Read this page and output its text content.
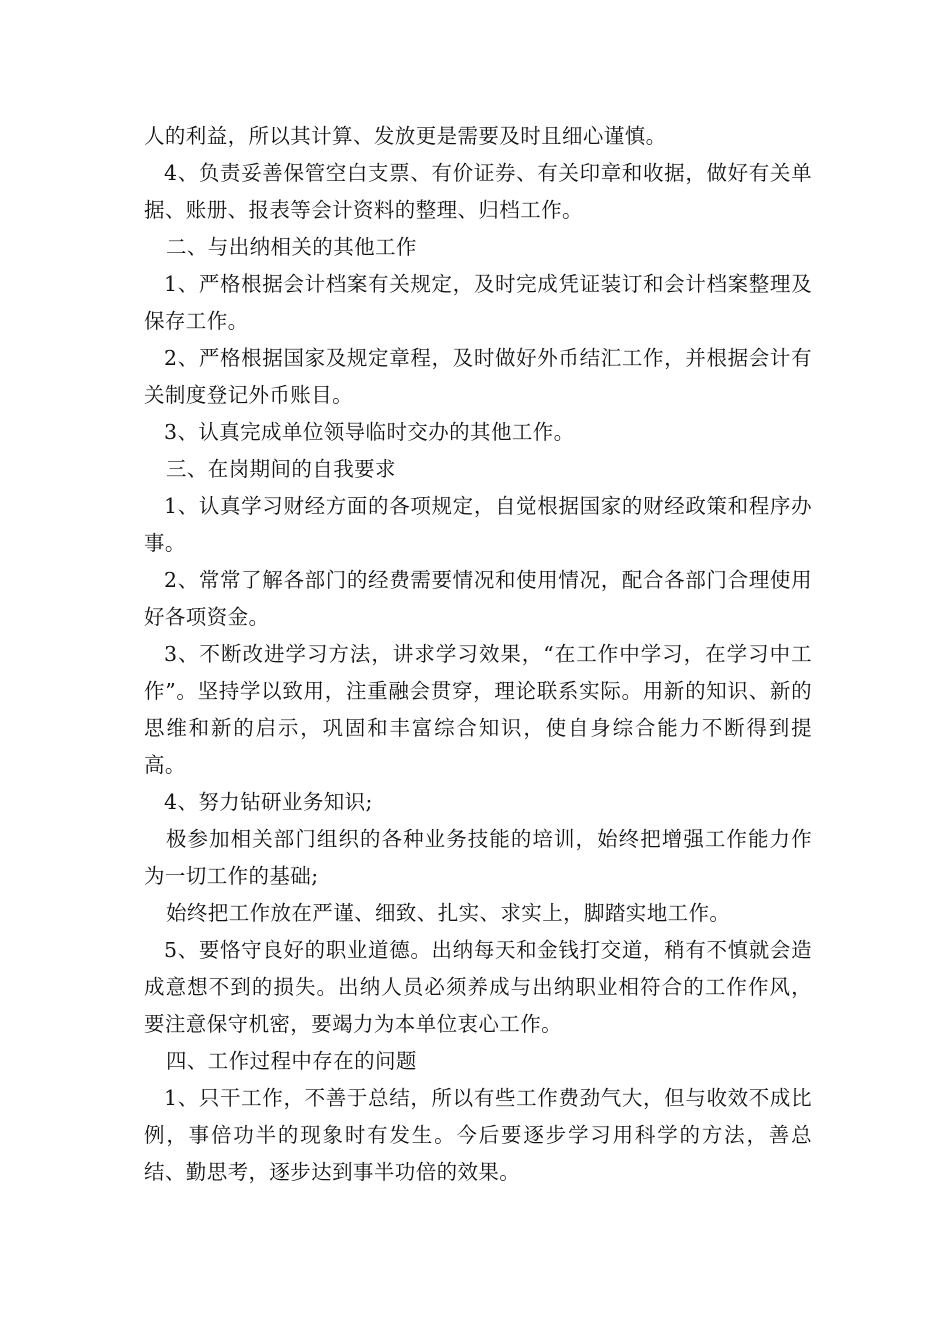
人的利益，所以其计算、发放更是需要及时且细心谨慎。

4、负责妥善保管空白支票、有价证券、有关印章和收据，做好有关单据、账册、报表等会计资料的整理、归档工作。

二、与出纳相关的其他工作

1、严格根据会计档案有关规定，及时完成凭证装订和会计档案整理及保存工作。

2、严格根据国家及规定章程，及时做好外币结汇工作，并根据会计有关制度登记外币账目。

3、认真完成单位领导临时交办的其他工作。

三、在岗期间的自我要求

1、认真学习财经方面的各项规定，自觉根据国家的财经政策和程序办事。

2、常常了解各部门的经费需要情况和使用情况，配合各部门合理使用好各项资金。

3、不断改进学习方法，讲求学习效果，“在工作中学习，在学习中工作”。坚持学以致用，注重融会贯穿，理论联系实际。用新的知识、新的思维和新的启示，巩固和丰富综合知识，使自身综合能力不断得到提高。

4、努力钻研业务知识;

极参加相关部门组织的各种业务技能的培训，始终把增强工作能力作为一切工作的基础;

始终把工作放在严谨、细致、扎实、求实上，脚踏实地工作。

5、要恪守良好的职业道德。出纳每天和金钱打交道，稍有不慎就会造成意想不到的损失。出纳人员必须养成与出纳职业相符合的工作作风，要注意保守机密，要竭力为本单位衷心工作。

四、工作过程中存在的问题

1、只干工作，不善于总结，所以有些工作费劲气大，但与收效不成比例，事倍功半的现象时有发生。今后要逐步学习用科学的方法，善总结、勤思考，逐步达到事半功倍的效果。
